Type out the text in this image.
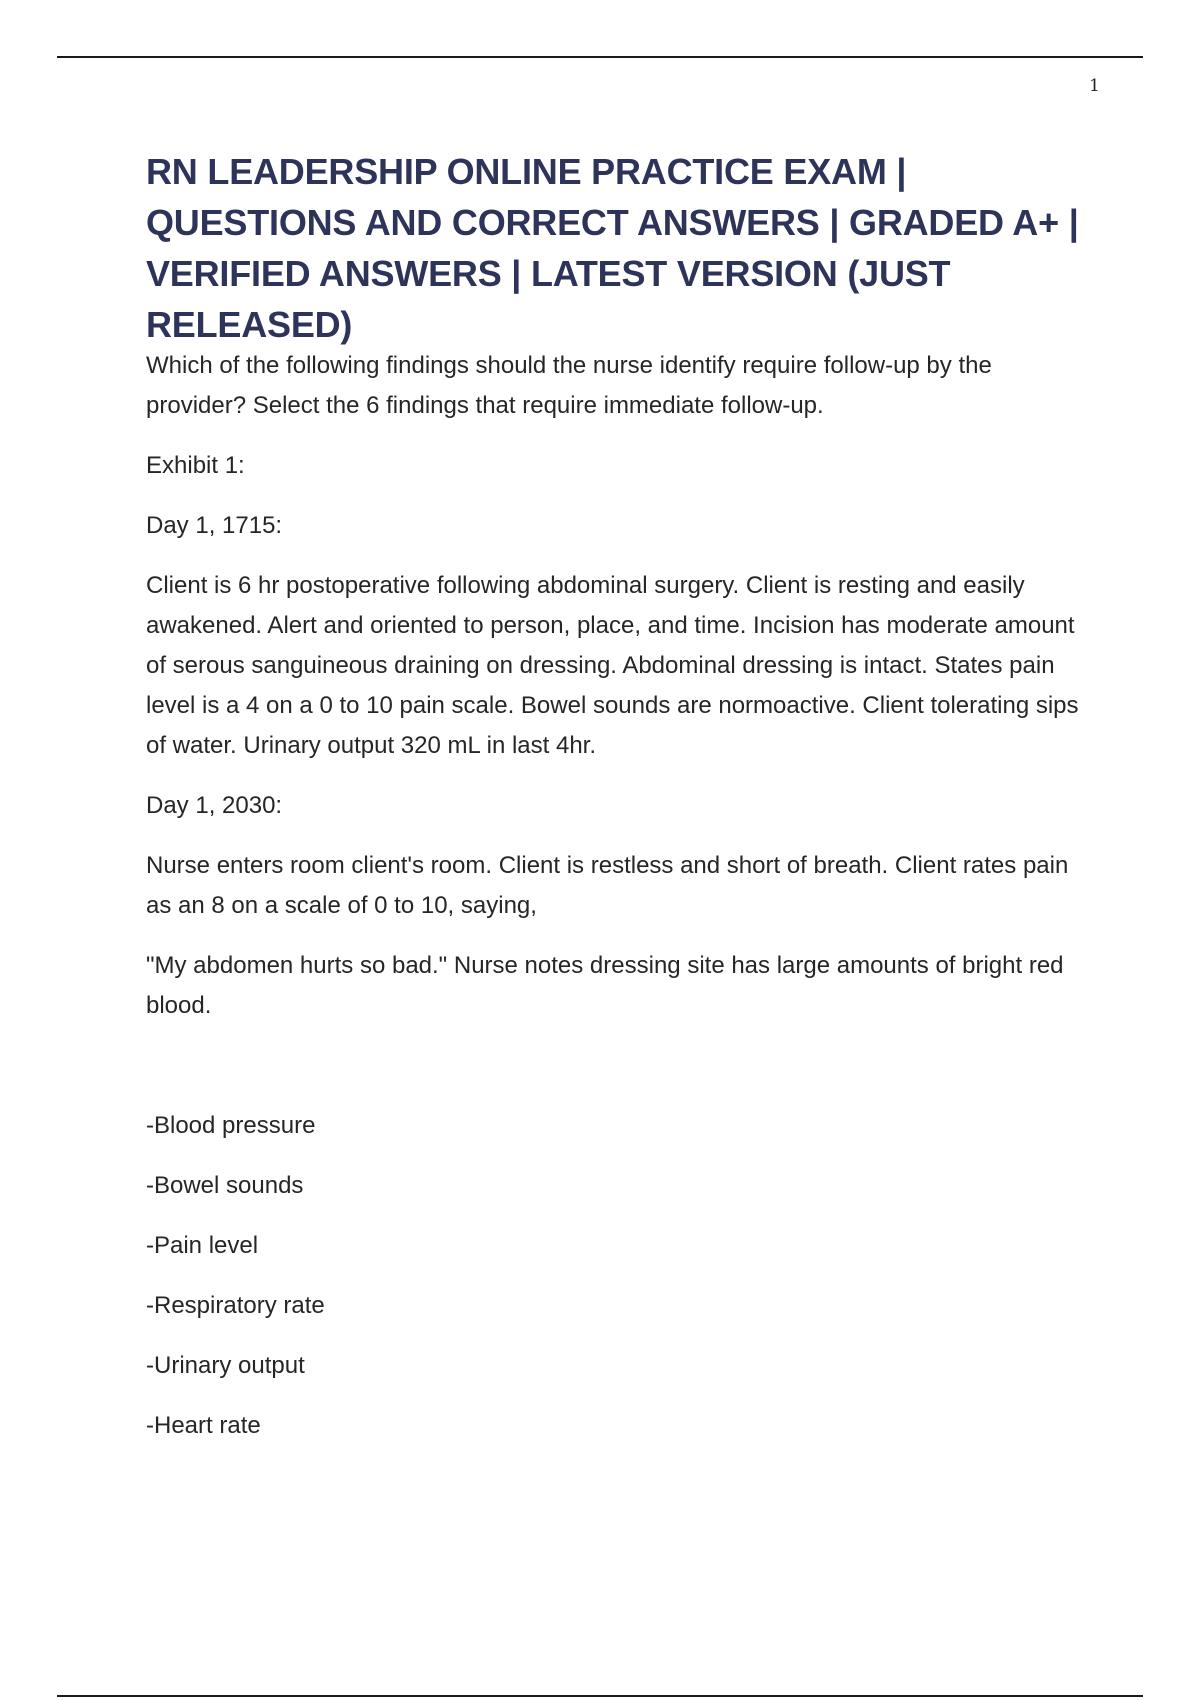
1
RN LEADERSHIP ONLINE PRACTICE EXAM | QUESTIONS AND CORRECT ANSWERS | GRADED A+ | VERIFIED ANSWERS | LATEST VERSION (JUST RELEASED)

Which of the following findings should the nurse identify require follow-up by the provider? Select the 6 findings that require immediate follow-up.

Exhibit 1:

Day 1, 1715:

Client is 6 hr postoperative following abdominal surgery. Client is resting and easily awakened. Alert and oriented to person, place, and time. Incision has moderate amount of serous sanguineous draining on dressing. Abdominal dressing is intact. States pain level is a 4 on a 0 to 10 pain scale. Bowel sounds are normoactive. Client tolerating sips of water. Urinary output 320 mL in last 4hr.

Day 1, 2030:

Nurse enters room client's room. Client is restless and short of breath. Client rates pain as an 8 on a scale of 0 to 10, saying,

"My abdomen hurts so bad." Nurse notes dressing site has large amounts of bright red blood.

-Blood pressure
-Bowel sounds
-Pain level
-Respiratory rate
-Urinary output
-Heart rate
